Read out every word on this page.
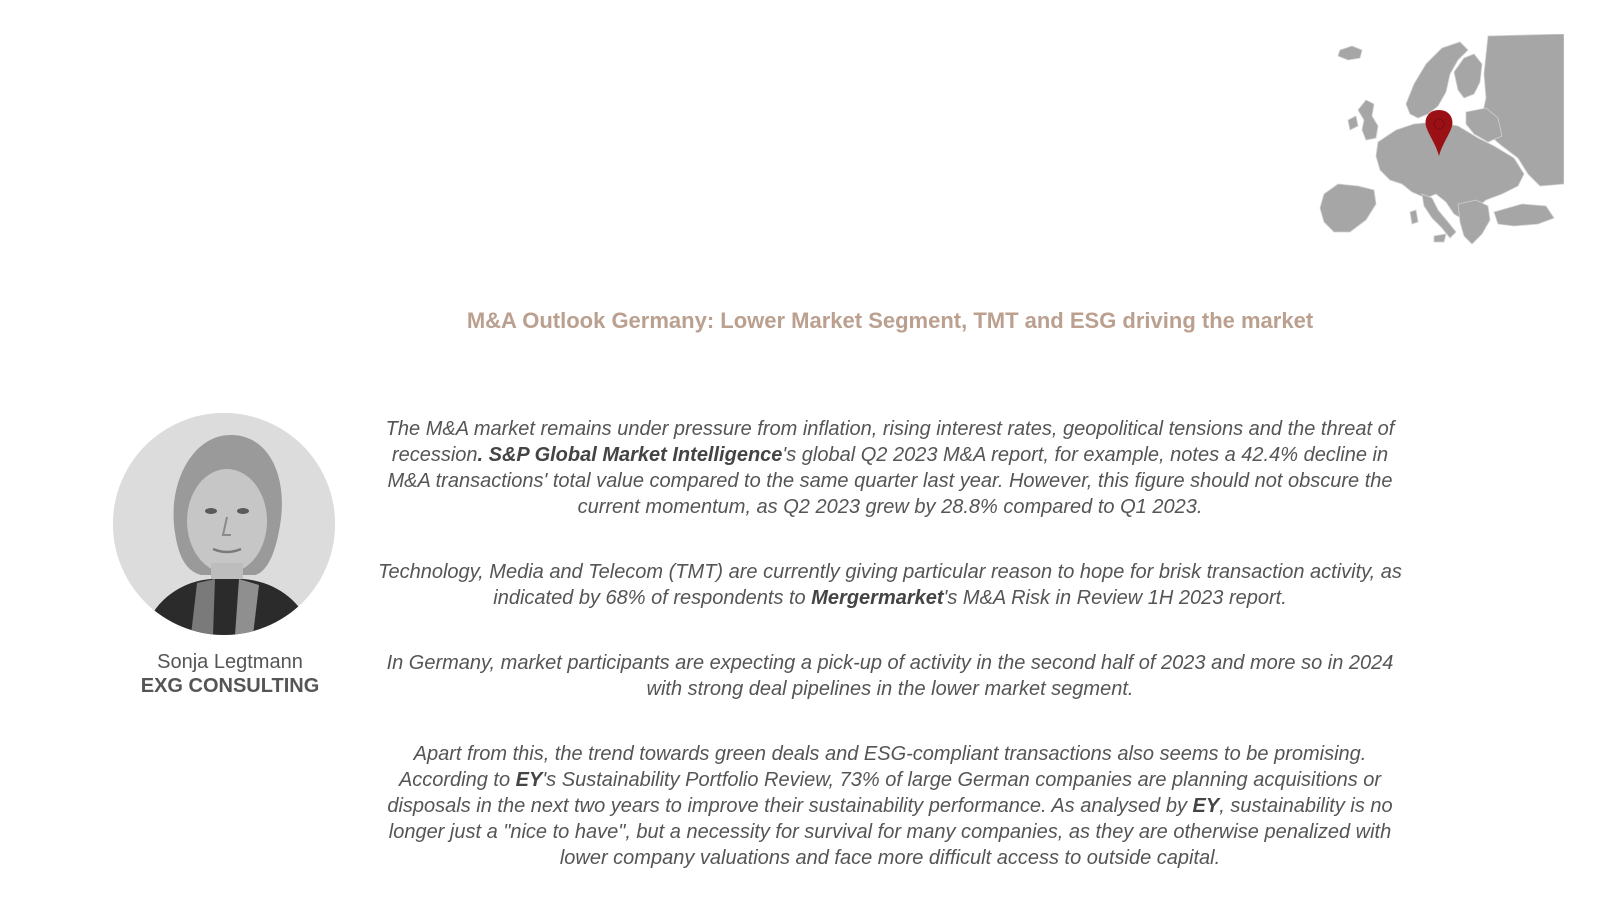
M&A Outlook Germany: Lower Market Segment, TMT and ESG driving the market
Sonja Legtmann
EXG CONSULTING

The M&A market remains under pressure from inflation, rising interest rates, geopolitical tensions and the threat of recession. S&P Global Market Intelligence's global Q2 2023 M&A report, for example, notes a 42.4% decline in M&A transactions' total value compared to the same quarter last year. However, this figure should not obscure the current momentum, as Q2 2023 grew by 28.8% compared to Q1 2023.

Technology, Media and Telecom (TMT) are currently giving particular reason to hope for brisk transaction activity, as indicated by 68% of respondents to Mergermarket's M&A Risk in Review 1H 2023 report.

In Germany, market participants are expecting a pick-up of activity in the second half of 2023 and more so in 2024 with strong deal pipelines in the lower market segment.

Apart from this, the trend towards green deals and ESG-compliant transactions also seems to be promising. According to EY's Sustainability Portfolio Review, 73% of large German companies are planning acquisitions or disposals in the next two years to improve their sustainability performance. As analysed by EY, sustainability is no longer just a "nice to have", but a necessity for survival for many companies, as they are otherwise penalized with lower company valuations and face more difficult access to outside capital.
